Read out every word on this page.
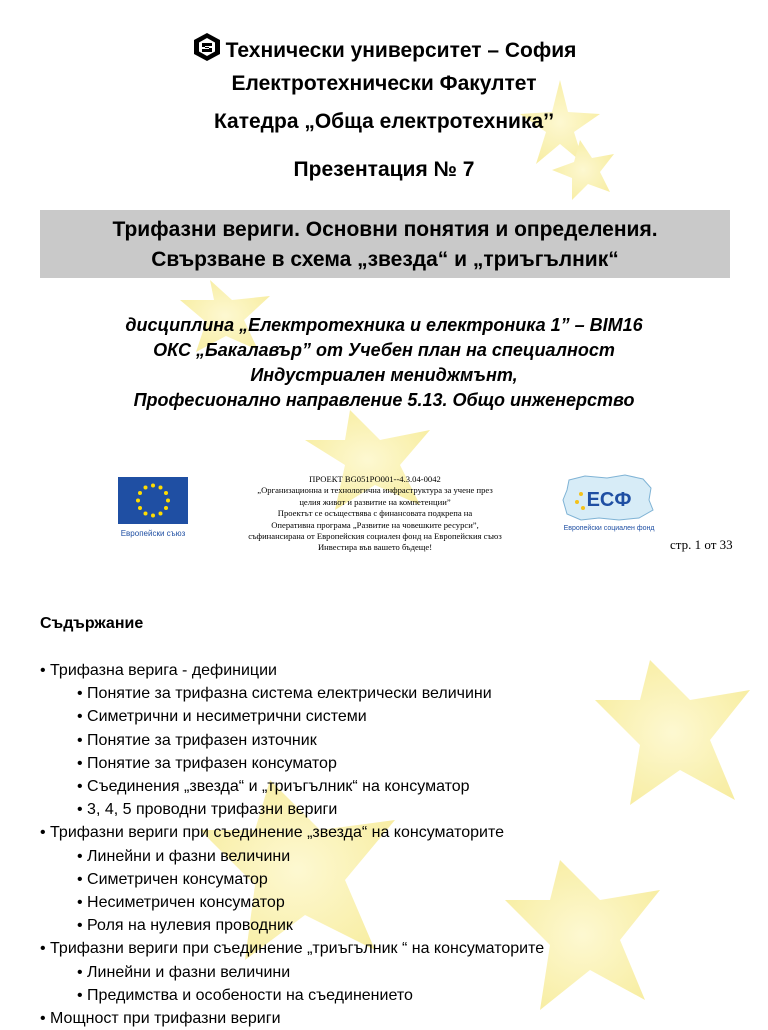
Технически университет – София
Електротехнически Факултет
Катедра „Обща електротехника’’
Презентация № 7
Трифазни вериги. Основни понятия и определения.
Свързване в схема „звезда“ и „триъгълник“
дисциплина „Електротехника и електроника 1” – BIM16
ОКС „Бакалавър” от Учебен план на специалност
Индустриален мениджмънт,
Професионално направление 5.13. Общо инженерство
Европейски съюз
ПРОЕКТ BG051PO001--4.3.04-0042
„Организационна и технологична инфраструктура за учене през
целия живот и развитие на компетенции”
Проектът се осъществява с финансовата подкрепа на
Оперативна програма „Развитие на човешките ресурси”,
съфинансирана от Европейския социален фонд на Европейския съюз
Инвестира във вашето бъдеще!
ЕСФ
Европейски социален фонд
стр. 1 от 33
Съдържание
• Трифазна верига - дефиниции
• Понятие за трифазна система електрически величини
• Симетрични и несиметрични системи
• Понятие за трифазен източник
• Понятие за трифазен консуматор
• Съединения „звезда“ и „триъгълник“ на консуматор
• 3, 4, 5 проводни трифазни вериги
• Трифазни вериги при съединение „звезда“ на консуматорите
• Линейни и фазни величини
• Симетричен консуматор
• Несиметричен консуматор
• Роля на нулевия проводник
• Трифазни вериги при съединение „триъгълник “ на консуматорите
• Линейни и фазни величини
• Предимства и особености на съединението
• Мощност при трифазни вериги
